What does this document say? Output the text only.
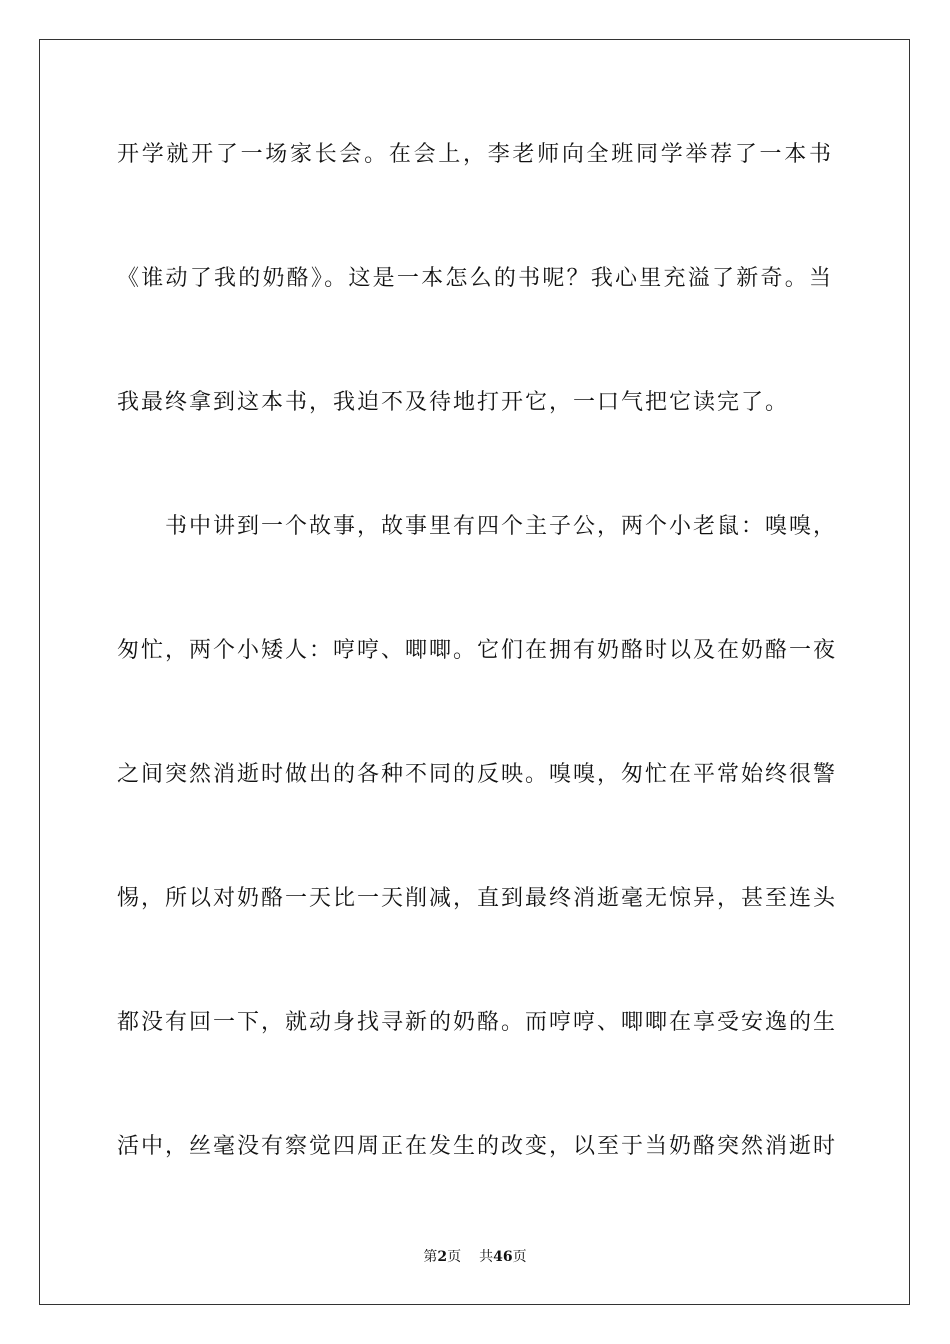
开学就开了一场家长会。在会上，李老师向全班同学举荐了一本书
《谁动了我的奶酪》。这是一本怎么的书呢？我心里充溢了新奇。当
我最终拿到这本书，我迫不及待地打开它，一口气把它读完了。
书中讲到一个故事，故事里有四个主子公，两个小老鼠：嗅嗅，
匆忙，两个小矮人：哼哼、唧唧。它们在拥有奶酪时以及在奶酪一夜
之间突然消逝时做出的各种不同的反映。嗅嗅，匆忙在平常始终很警
惕，所以对奶酪一天比一天削减，直到最终消逝毫无惊异，甚至连头
都没有回一下，就动身找寻新的奶酪。而哼哼、唧唧在享受安逸的生
活中，丝毫没有察觉四周正在发生的改变，以至于当奶酪突然消逝时
第2页 共46页
